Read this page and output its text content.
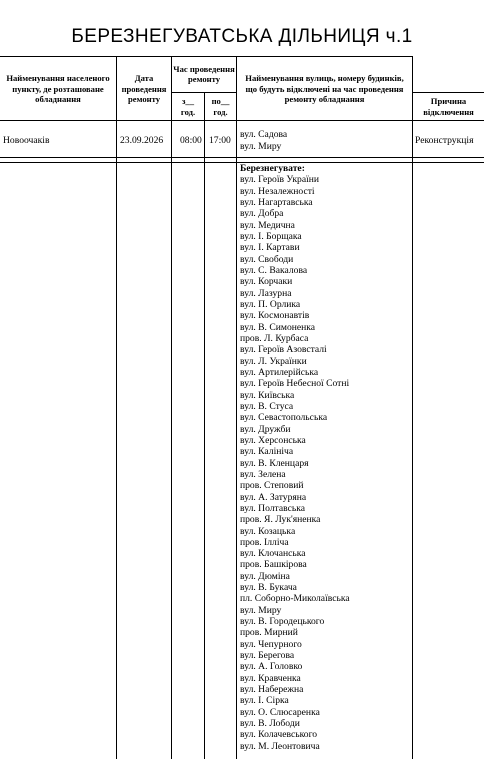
БЕРЕЗНЕГУВАТСЬКА ДІЛЬНИЦЯ ч.1
Найменування населеного пункту, де розташоване обладнання
Дата проведення ремонту
Час проведення ремонту
з__ год.
по__ год.
Найменування вулиць, номеру будинків, що будуть відключені на час проведення ремонту обладнання	Причина відключення
Новоочаків	23.09.2026 08:00 17:00
вул. Садова
вул. Миру
Реконструкція
Березнегувате:
вул. Героїв України
вул. Незалежності
вул. Нагартавська
вул. Добра
вул. Медична
вул. І. Борщака
вул. І. Картави
вул. Свободи
вул. С. Вакалова
вул. Корчаки
вул. Лазурна
вул. П. Орлика
вул. Космонавтів
вул. В. Симоненка
пров. Л. Курбаса
вул. Героїв Азовсталі
вул. Л. Українки
вул. Артилерійська
вул. Героїв Небесної Сотні
вул. Київська
вул. В. Стуса
вул. Севастопольська
вул. Дружби
вул. Херсонська
вул. Калініча
вул. В. Кленцаря
вул. Зелена
пров. Степовий
вул. А. Затуряна
вул. Полтавська
пров. Я. Лук'яненка
вул. Козацька
пров. Ілліча
вул. Клочанська
пров. Башкірова
вул. Дюміна
вул. В. Букача
пл. Соборно-Миколаївська
вул. Миру
вул. В. Городецького
пров. Мирний
вул. Чепурного
вул. Берегова
вул. А. Головко
вул. Кравченка
вул. Набережна
вул. І. Сірка
вул. О. Слюсаренка
вул. В. Лободи
вул. Колачевського
вул. М. Леонтовича
